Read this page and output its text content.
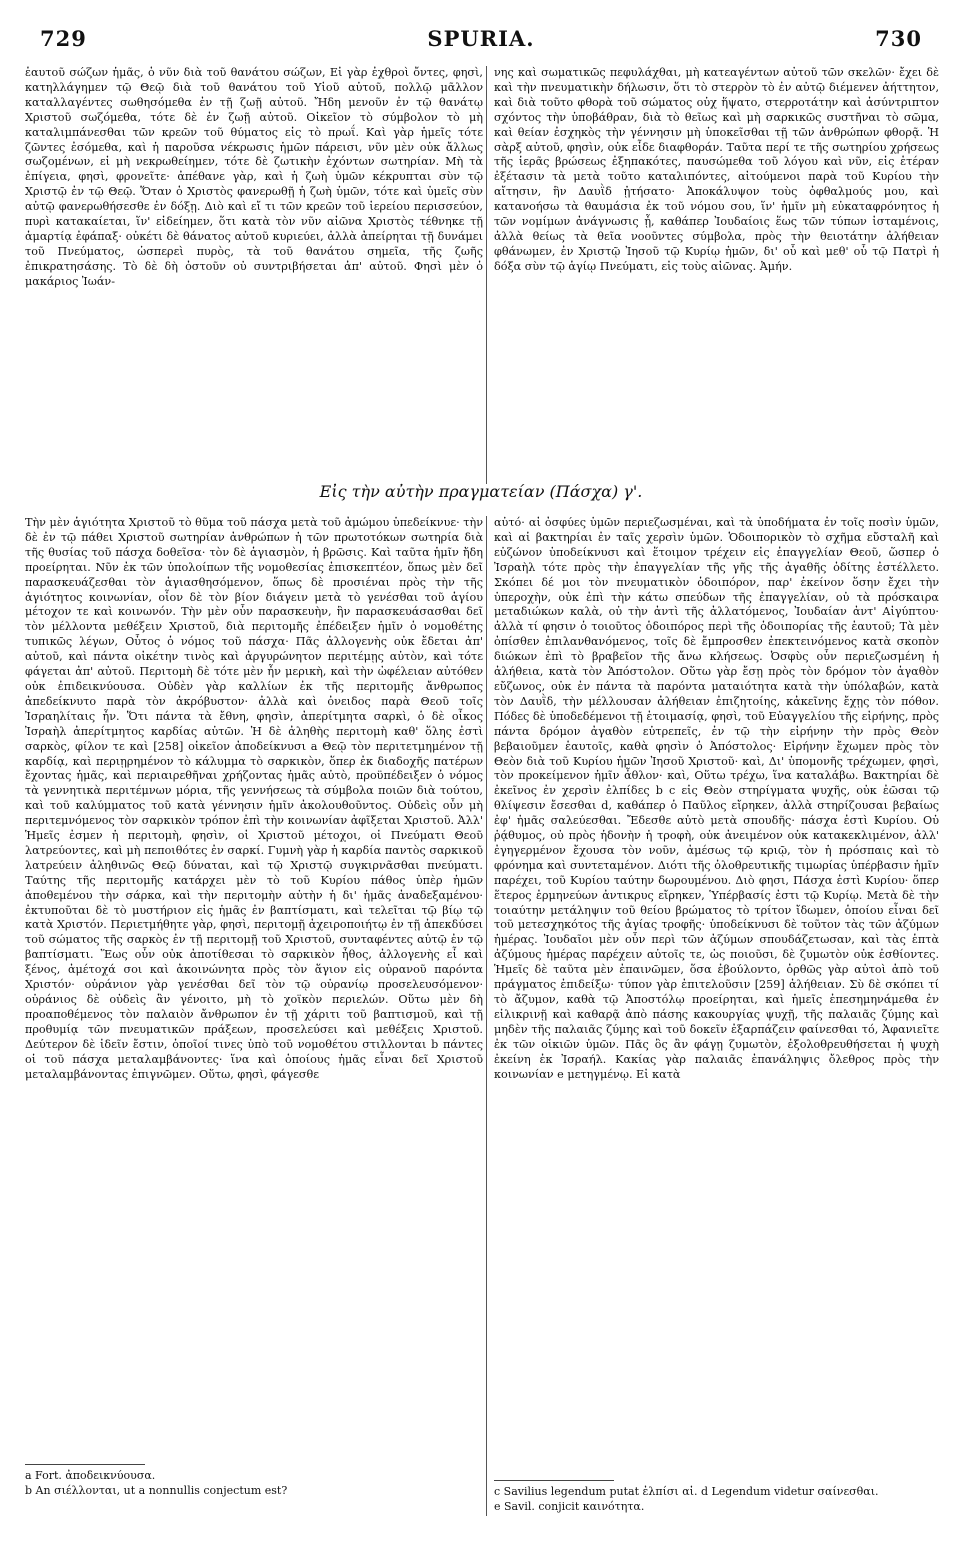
729	SPURIA.	730

ἑαυτοῦ σώζων ἡμᾶς, ὁ νῦν διὰ τοῦ θανάτου σώζων, Εἰ γὰρ ἐχθροὶ ὄντες, φησὶ, κατηλλάγημεν τῷ Θεῷ διὰ τοῦ θανάτου τοῦ Υἱοῦ αὐτοῦ, πολλῷ μᾶλλον καταλλαγέντες σωθησόμεθα ἐν τῇ ζωῇ αὐτοῦ. Ἤδη μενοῦν ἐν τῷ θανάτῳ Χριστοῦ σωζόμεθα, τότε δὲ ἐν ζωῇ αὐτοῦ. Οἰκεῖον τὸ σύμβολον τὸ μὴ καταλιμπάνεσθαι τῶν κρεῶν τοῦ θύματος εἰς τὸ πρωΐ. Καὶ γὰρ ἡμεῖς τότε ζῶντες ἐσόμεθα, καὶ ἡ παροῦσα νέκρωσις ἡμῶν πάρεισι, νῦν μὲν οὐκ ἄλλως σωζομένων, εἰ μὴ νεκρωθείημεν, τότε δὲ ζωτικὴν ἐχόντων σωτηρίαν. Μὴ τὰ ἐπίγεια, φησὶ, φρονεῖτε· ἀπέθανε γὰρ, καὶ ἡ ζωὴ ὑμῶν κέκρυπται σὺν τῷ Χριστῷ ἐν τῷ Θεῷ. Ὅταν ὁ Χριστὸς φανερωθῇ ἡ ζωὴ ὑμῶν, τότε καὶ ὑμεῖς σὺν αὐτῷ φανερωθήσεσθε ἐν δόξῃ. Διὸ καὶ εἴ τι τῶν κρεῶν τοῦ ἱερείου περισσεύον, πυρὶ κατακαίεται, ἵν' εἰδείημεν, ὅτι κατὰ τὸν νῦν αἰῶνα Χριστὸς τέθνηκε τῇ ἁμαρτίᾳ ἐφάπαξ· οὐκέτι δὲ θάνατος αὐτοῦ κυριεύει, ἀλλὰ ἀπείρηται τῇ δυνάμει τοῦ Πνεύματος, ὡσπερεὶ πυρὸς, τὰ τοῦ θανάτου σημεῖα, τῆς ζωῆς ἐπικρατησάσης. Τὸ δὲ δὴ ὀστοῦν οὐ συντριβήσεται ἀπ' αὐτοῦ. Φησὶ μὲν ὁ μακάριος Ἰωάν-

νης καὶ σωματικῶς πεφυλάχθαι, μὴ κατεαγέντων αὐτοῦ τῶν σκελῶν· ἔχει δὲ καὶ τὴν πνευματικὴν δήλωσιν, ὅτι τὸ στερρὸν τὸ ἐν αὐτῷ διέμενεν ἀήττητον, καὶ διὰ τοῦτο φθορὰ τοῦ σώματος οὐχ ἥψατο, στερροτάτην καὶ ἀσύντριπτον σχόντος τὴν ὑποβάθραν, διὰ τὸ θεῖως καὶ μὴ σαρκικῶς συστῆναι τὸ σῶμα, καὶ θείαν ἐσχηκὸς τὴν γέννησιν μὴ ὑποκεῖσθαι τῇ τῶν ἀνθρώπων φθορᾷ. Ἡ σὰρξ αὐτοῦ, φησὶν, οὐκ εἶδε διαφθοράν. Ταῦτα περί τε τῆς σωτηρίου χρήσεως τῆς ἱερᾶς βρώσεως ἐξηπακότες, παυσώμεθα τοῦ λόγου καὶ νῦν, εἰς ἑτέραν ἐξέτασιν τὰ μετὰ τοῦτο καταλιπόντες, αἰτούμενοι παρὰ τοῦ Κυρίου τὴν αἴτησιν, ἣν Δαυῒδ ᾐτήσατο· Ἀποκάλυψον τοὺς ὀφθαλμούς μου, καὶ κατανοήσω τὰ θαυμάσια ἐκ τοῦ νόμου σου, ἵν' ἡμῖν μὴ εὐκαταφρόνητος ἡ τῶν νομίμων ἀνάγνωσις ᾖ, καθάπερ Ἰουδαίοις ἕως τῶν τύπων ἱσταμένοις, ἀλλὰ θείως τὰ θεῖα νοοῦντες σύμβολα, πρὸς τὴν θειοτάτην ἀλήθειαν φθάνωμεν, ἐν Χριστῷ Ἰησοῦ τῷ Κυρίῳ ἡμῶν, δι' οὗ καὶ μεθ' οὗ τῷ Πατρὶ ἡ δόξα σὺν τῷ ἁγίῳ Πνεύματι, εἰς τοὺς αἰῶνας. Ἀμήν.

Εἰς τὴν αὐτὴν πραγματείαν (Πάσχα) γ'.

Τὴν μὲν ἁγιότητα Χριστοῦ τὸ θῦμα τοῦ πάσχα μετὰ τοῦ ἀμώμου ὑπεδείκνυε· τὴν δὲ ἐν τῷ πάθει Χριστοῦ σωτηρίαν ἀνθρώπων ἡ τῶν πρωτοτόκων σωτηρία διὰ τῆς θυσίας τοῦ πάσχα δοθεῖσα· τὸν δὲ ἁγιασμὸν, ἡ βρῶσις. Καὶ ταῦτα ἡμῖν ἤδη προείρηται. Νῦν ἐκ τῶν ὑπολοίπων τῆς νομοθεσίας ἐπισκεπτέον, ὅπως μὲν δεῖ παρασκευάζεσθαι τὸν ἁγιασθησόμενον, ὅπως δὲ προσιέναι πρὸς τὴν τῆς ἁγιότητος κοινωνίαν, οἷον δὲ τὸν βίον διάγειν μετὰ τὸ γενέσθαι τοῦ ἁγίου μέτοχον τε καὶ κοινωνόν. Τὴν μὲν οὖν παρασκευὴν, ἣν παρασκευάσασθαι δεῖ τὸν μέλλοντα μεθέξειν Χριστοῦ, διὰ περιτομῆς ἐπέδειξεν ἡμῖν ὁ νομοθέτης τυπικῶς λέγων, Οὗτος ὁ νόμος τοῦ πάσχα· Πᾶς ἀλλογενὴς οὐκ ἔδεται ἀπ' αὐτοῦ, καὶ πάντα οἰκέτην τινὸς καὶ ἀργυρώνητον περιτέμῃς αὐτὸν, καὶ τότε φάγεται ἀπ' αὐτοῦ. Περιτομὴ δὲ τότε μὲν ἦν μερικὴ, καὶ τὴν ὠφέλειαν αὐτόθεν οὐκ ἐπιδεικνύουσα. Οὐδὲν γὰρ καλλίων ἐκ τῆς περιτομῆς ἄνθρωπος ἀπεδείκνυτο παρὰ τὸν ἀκρόβυστον· ἀλλὰ καὶ ὀνειδος παρὰ Θεοῦ τοῖς Ἰσραηλίταις ἦν. Ὅτι πάντα τὰ ἔθνη, φησὶν, ἀπερίτμητα σαρκὶ, ὁ δὲ οἶκος Ἰσραὴλ ἀπερίτμητος καρδίας αὐτῶν. Ἡ δὲ ἀληθὴς περιτομὴ καθ' ὅλης ἐστὶ σαρκὸς, φίλον τε καὶ [258] οἰκεῖον ἀποδείκνυσι a Θεῷ τὸν περιτετμημένον τῇ καρδίᾳ, καὶ περιῃρημένον τὸ κάλυμμα τὸ σαρκικὸν, ὅπερ ἐκ διαδοχῆς πατέρων ἔχοντας ἡμᾶς, καὶ περιαιρεθῆναι χρήζοντας ἡμᾶς αὐτὸ, προϋπέδειξεν ὁ νόμος τὰ γεννητικὰ περιτέμνων μόρια, τῆς γεννήσεως τὰ σύμβολα ποιῶν διὰ τούτου, καὶ τοῦ καλύμματος τοῦ κατὰ γέννησιν ἡμῖν ἀκολουθοῦντος. Οὐδεὶς οὖν μὴ περιτεμνόμενος τὸν σαρκικὸν τρόπον ἐπὶ τὴν κοινωνίαν ἀφῖξεται Χριστοῦ. Ἀλλ' Ἡμεῖς ἐσμεν ἡ περιτομὴ, φησὶν, οἱ Χριστοῦ μέτοχοι, οἱ Πνεύματι Θεοῦ λατρεύοντες, καὶ μὴ πεποιθότες ἐν σαρκί. Γυμνὴ γὰρ ἡ καρδία παντὸς σαρκικοῦ λατρεύειν ἀληθινῶς Θεῷ δύναται, καὶ τῷ Χριστῷ συγκιρνᾶσθαι πνεύματι. Ταύτης τῆς περιτομῆς κατάρχει μὲν τὸ τοῦ Κυρίου πάθος ὑπὲρ ἡμῶν ἀποθεμένου τὴν σάρκα, καὶ τὴν περιτομὴν αὐτὴν ἡ δι' ἡμᾶς ἀναδεξαμένου· ἐκτυποῦται δὲ τὸ μυστήριον εἰς ἡμᾶς ἐν βαπτίσματι, καὶ τελεῖται τῷ βίῳ τῷ κατὰ Χριστόν. Περιετμήθητε γὰρ, φησὶ, περιτομῇ ἀχειροποιήτῳ ἐν τῇ ἀπεκδύσει τοῦ σώματος τῆς σαρκὸς ἐν τῇ περιτομῇ τοῦ Χριστοῦ, συνταφέντες αὐτῷ ἐν τῷ βαπτίσματι. Ἕως οὖν οὐκ ἀποτίθεσαι τὸ σαρκικὸν ἦθος, ἀλλογενὴς εἶ καὶ ξένος, ἀμέτοχά σοι καὶ ἀκοινώνητα πρὸς τὸν ἅγιον εἰς οὐρανοῦ παρόντα Χριστόν· οὐράνιον γὰρ γενέσθαι δεῖ τὸν τῷ οὐρανίῳ προσελευσόμενον· οὐράνιος δὲ οὐδεὶς ἂν γένοιτο, μὴ τὸ χοϊκὸν περιελών. Οὕτω μὲν δὴ προαποθέμενος τὸν παλαιὸν ἄνθρωπον ἐν τῇ χάριτι τοῦ βαπτισμοῦ, καὶ τῇ προθυμίᾳ τῶν πνευματικῶν πράξεων, προσελεύσει καὶ μεθέξεις Χριστοῦ. Δεύτερον δὲ ἰδεῖν ἔστιν, ὁποῖοί τινες ὑπὸ τοῦ νομοθέτου στιλλονται b πάντες οἱ τοῦ πάσχα μεταλαμβάνοντες· ἵνα καὶ ὁποίους ἡμᾶς εἶναι δεῖ Χριστοῦ μεταλαμβάνοντας ἐπιγνῶμεν. Οὕτω, φησὶ, φάγεσθε

αὐτό· αἱ ὀσφύες ὑμῶν περιεζωσμέναι, καὶ τὰ ὑποδήματα ἐν τοῖς ποσὶν ὑμῶν, καὶ αἱ βακτηρίαι ἐν ταῖς χερσὶν ὑμῶν. Ὁδοιπορικὸν τὸ σχῆμα εὔσταλῆ καὶ εὐζώνον ὑποδείκνυσι καὶ ἕτοιμον τρέχειν εἰς ἐπαγγελίαν Θεοῦ, ὥσπερ ὁ Ἰσραὴλ τότε πρὸς τὴν ἐπαγγελίαν τῆς γῆς τῆς ἀγαθῆς ὁδίτης ἐστέλλετο. Σκόπει δέ μοι τὸν πνευματικὸν ὁδοιπόρον, παρ' ἐκείνον ὅσην ἔχει τὴν ὑπεροχὴν, οὐκ ἐπὶ τὴν κάτω σπεύδων τῆς ἐπαγγελίαν, οὐ τὰ πρόσκαιρα μεταδιώκων καλὰ, οὐ τὴν ἀντὶ τῆς ἀλλατόμενος, Ἰουδαίαν ἀντ' Αἰγύπτου· ἀλλὰ τί φησιν ὁ τοιοῦτος ὁδοιπόρος περὶ τῆς ὁδοιπορίας τῆς ἑαυτοῦ; Τὰ μὲν ὀπίσθεν ἐπιλανθανόμενος, τοῖς δὲ ἔμπροσθεν ἐπεκτεινόμενος κατὰ σκοπὸν διώκων ἐπὶ τὸ βραβεῖον τῆς ἄνω κλήσεως. Ὀσφὺς οὖν περιεζωσμένη ἡ ἀλήθεια, κατὰ τὸν Ἀπόστολον. Οὕτω γὰρ ἔσῃ πρὸς τὸν δρόμον τὸν ἀγαθὸν εὔζωνος, οὐκ ἐν πάντα τὰ παρόντα ματαιότητα κατὰ τὴν ὑπόλαβών, κατὰ τὸν Δαυῒδ, τὴν μέλλουσαν ἀλήθειαν ἐπιζητοίης, κἀκεῖνης ἔχῃς τὸν πόθον. Πόδες δὲ ὑποδεδέμενοι τῇ ἑτοιμασίᾳ, φησὶ, τοῦ Εὐαγγελίου τῆς εἰρήνης, πρὸς πάντα δρόμον ἀγαθὸν εὐτρεπεῖς, ἐν τῷ τὴν εἰρήνην τὴν πρὸς Θεὸν βεβαιοῦμεν ἑαυτοῖς, καθὰ φησὶν ὁ Ἀπόστολος· Εἰρήνην ἔχωμεν πρὸς τὸν Θεὸν διὰ τοῦ Κυρίου ἡμῶν Ἰησοῦ Χριστοῦ· καὶ, Δι' ὑπομονῆς τρέχωμεν, φησὶ, τὸν προκείμενον ἡμῖν ἆθλον· καὶ, Οὕτω τρέχω, ἵνα καταλάβω. Βακτηρίαι δὲ ἐκεῖνος ἐν χερσὶν ἐλπίδες b c εἰς Θεὸν στηρίγματα ψυχῆς, οὐκ ἐῶσαι τῷ θλίψεσιν ἔσεσθαι d, καθάπερ ὁ Παῦλος εἴρηκεν, ἀλλὰ στηρίζουσαι βεβαίως ἐφ' ἡμᾶς σαλεύεσθαι. Ἔδεσθε αὐτὸ μετὰ σπουδῆς· πάσχα ἐστὶ Κυρίου. Οὐ ῥᾴθυμος, οὐ πρὸς ἡδονὴν ἡ τροφὴ, οὐκ ἀνειμένον οὐκ κατακεκλιμένον, ἀλλ' ἐγηγερμένον ἔχουσα τὸν νοῦν, ἀμέσως τῷ κριῷ, τὸν ἡ πρόσπαις καὶ τὸ φρόνημα καὶ συντεταμένον. Διότι τῆς ὀλοθρευτικῆς τιμωρίας ὑπέρβασιν ἡμῖν παρέχει, τοῦ Κυρίου ταύτην δωρουμένου. Διὸ φησι, Πάσχα ἐστὶ Κυρίου· ὅπερ ἕτερος ἑρμηνεύων ἀντικρυς εἴρηκεν, Ὑπέρβασίς ἐστι τῷ Κυρίῳ. Μετὰ δὲ τὴν τοιαύτην μετάληψιν τοῦ θείου βρώματος τὸ τρίτον ἴδωμεν, ὁποίου εἶναι δεῖ τοῦ μετεσχηκότος τῆς ἁγίας τροφῆς· ὑποδείκνυσι δὲ τοῦτον τὰς τῶν ἀζύμων ἡμέρας. Ἰουδαῖοι μὲν οὖν περὶ τῶν ἀζύμων σπουδάζετωσαν, καὶ τὰς ἑπτὰ ἀζύμους ἡμέρας παρέχειν αὐτοῖς τε, ὡς ποιοῦσι, δὲ ζυμωτὸν οὐκ ἐσθίοντες. Ἡμεῖς δὲ ταῦτα μὲν ἐπαινῶμεν, ὅσα ἐβούλοντο, ὀρθῶς γὰρ αὐτοὶ ἀπὸ τοῦ πράγματος ἐπιδείξω· τύπον γὰρ ἐπιτελοῦσιν [259] ἀλήθειαν. Σὺ δὲ σκόπει τί τὸ ἄζυμον, καθὰ τῷ Ἀποστόλῳ προείρηται, καὶ ἡμεῖς ἐπεσημηνάμεθα ἐν εἰλικρινῇ καὶ καθαρᾷ ἀπὸ πάσης κακουργίας ψυχῇ, τῆς παλαιᾶς ζύμης καὶ μηδὲν τῆς παλαιᾶς ζύμης καὶ τοῦ δοκεῖν ἐξαρπάζειν φαίνεσθαι τό, Ἀφανιεῖτε ἐκ τῶν οἰκιῶν ὑμῶν. Πᾶς ὃς ἂν φάγῃ ζυμωτὸν, ἐξολοθρευθήσεται ἡ ψυχὴ ἐκείνη ἐκ Ἰσραήλ. Κακίας γὰρ παλαιᾶς ἐπανάληψις ὄλεθρος πρὸς τὴν κοινωνίαν e μετηγμένῳ. Εἰ κατὰ

a Fort. ἀποδεικνύουσα.
b An σιέλλονται, ut a nonnullis conjectum est?	c Savilius legendum putat ἐλπίσι αἱ. d Legendum videtur σαίνεσθαι.
e Savil. conjicit καινότητα.
